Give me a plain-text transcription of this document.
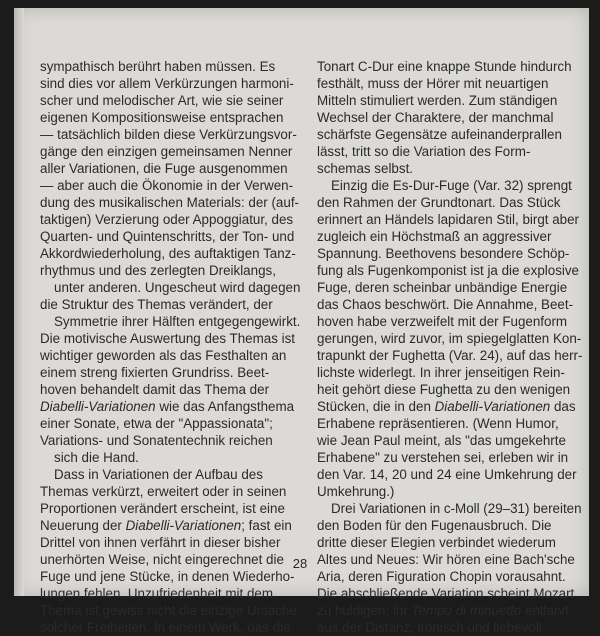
sympathisch berührt haben müssen. Es
sind dies vor allem Verkürzungen harmoni-
scher und melodischer Art, wie sie seiner
eigenen Kompositionsweise entsprachen
— tatsächlich bilden diese Verkürzungsvor-
gänge den einzigen gemeinsamen Nenner
aller Variationen, die Fuge ausgenommen
— aber auch die Ökonomie in der Verwen-
dung des musikalischen Materials: der (auf-
taktigen) Verzierung oder Appoggiatur, des
Quarten- und Quintenschritts, der Ton- und
Akkordwiederholung, des auftaktigen Tanz-
rhythmus und des zerlegten Dreiklangs,
unter anderen. Ungescheut wird dagegen
die Struktur des Themas verändert, der
Symmetrie ihrer Hälften entgegengewirkt.
Die motivische Auswertung des Themas ist
wichtiger geworden als das Festhalten an
einem streng fixierten Grundriss. Beet-
hoven behandelt damit das Thema der
Diabelli-Variationen wie das Anfangsthema
einer Sonate, etwa der "Appassionata";
Variations- und Sonatentechnik reichen
sich die Hand.
Dass in Variationen der Aufbau des
Themas verkürzt, erweitert oder in seinen
Proportionen verändert erscheint, ist eine
Neuerung der Diabelli-Variationen; fast ein
Drittel von ihnen verfährt in dieser bisher
unerhörten Weise, nicht eingerechnet die
Fuge und jene Stücke, in denen Wiederho-
lungen fehlen. Unzufriedenheit mit dem
Thema ist gewiss nicht die einzige Ursache
solcher Freiheiten. In einem Werk, das die
Tonart C-Dur eine knappe Stunde hindurch
festhält, muss der Hörer mit neuartigen
Mitteln stimuliert werden. Zum ständigen
Wechsel der Charaktere, der manchmal
schärfste Gegensätze aufeinanderprallen
lässt, tritt so die Variation des Form-
schemas selbst.
Einzig die Es-Dur-Fuge (Var. 32) sprengt
den Rahmen der Grundtonart. Das Stück
erinnert an Händels lapidaren Stil, birgt aber
zugleich ein Höchstmaß an aggressiver
Spannung. Beethovens besondere Schöp-
fung als Fugenkomponist ist ja die explosive
Fuge, deren scheinbar unbändige Energie
das Chaos beschwört. Die Annahme, Beet-
hoven habe verzweifelt mit der Fugenform
gerungen, wird zuvor, im spiegelglatten Kon-
trapunkt der Fughetta (Var. 24), auf das herr-
lichste widerlegt. In ihrer jenseitigen Rein-
heit gehört diese Fughetta zu den wenigen
Stücken, die in den Diabelli-Variationen das
Erhabene repräsentieren. (Wenn Humor,
wie Jean Paul meint, als "das umgekehrte
Erhabene" zu verstehen sei, erleben wir in
den Var. 14, 20 und 24 eine Umkehrung der
Umkehrung.)
Drei Variationen in c-Moll (29–31) bereiten
den Boden für den Fugenausbruch. Die
dritte dieser Elegien verbindet wiederum
Altes und Neues: Wir hören eine Bach'sche
Aria, deren Figuration Chopin vorausahnt.
Die abschließende Variation scheint Mozart
zu huldigen; ihr Tempo di minuetto entlarvt
aus der Distanz, ironisch und liebevoll
28
